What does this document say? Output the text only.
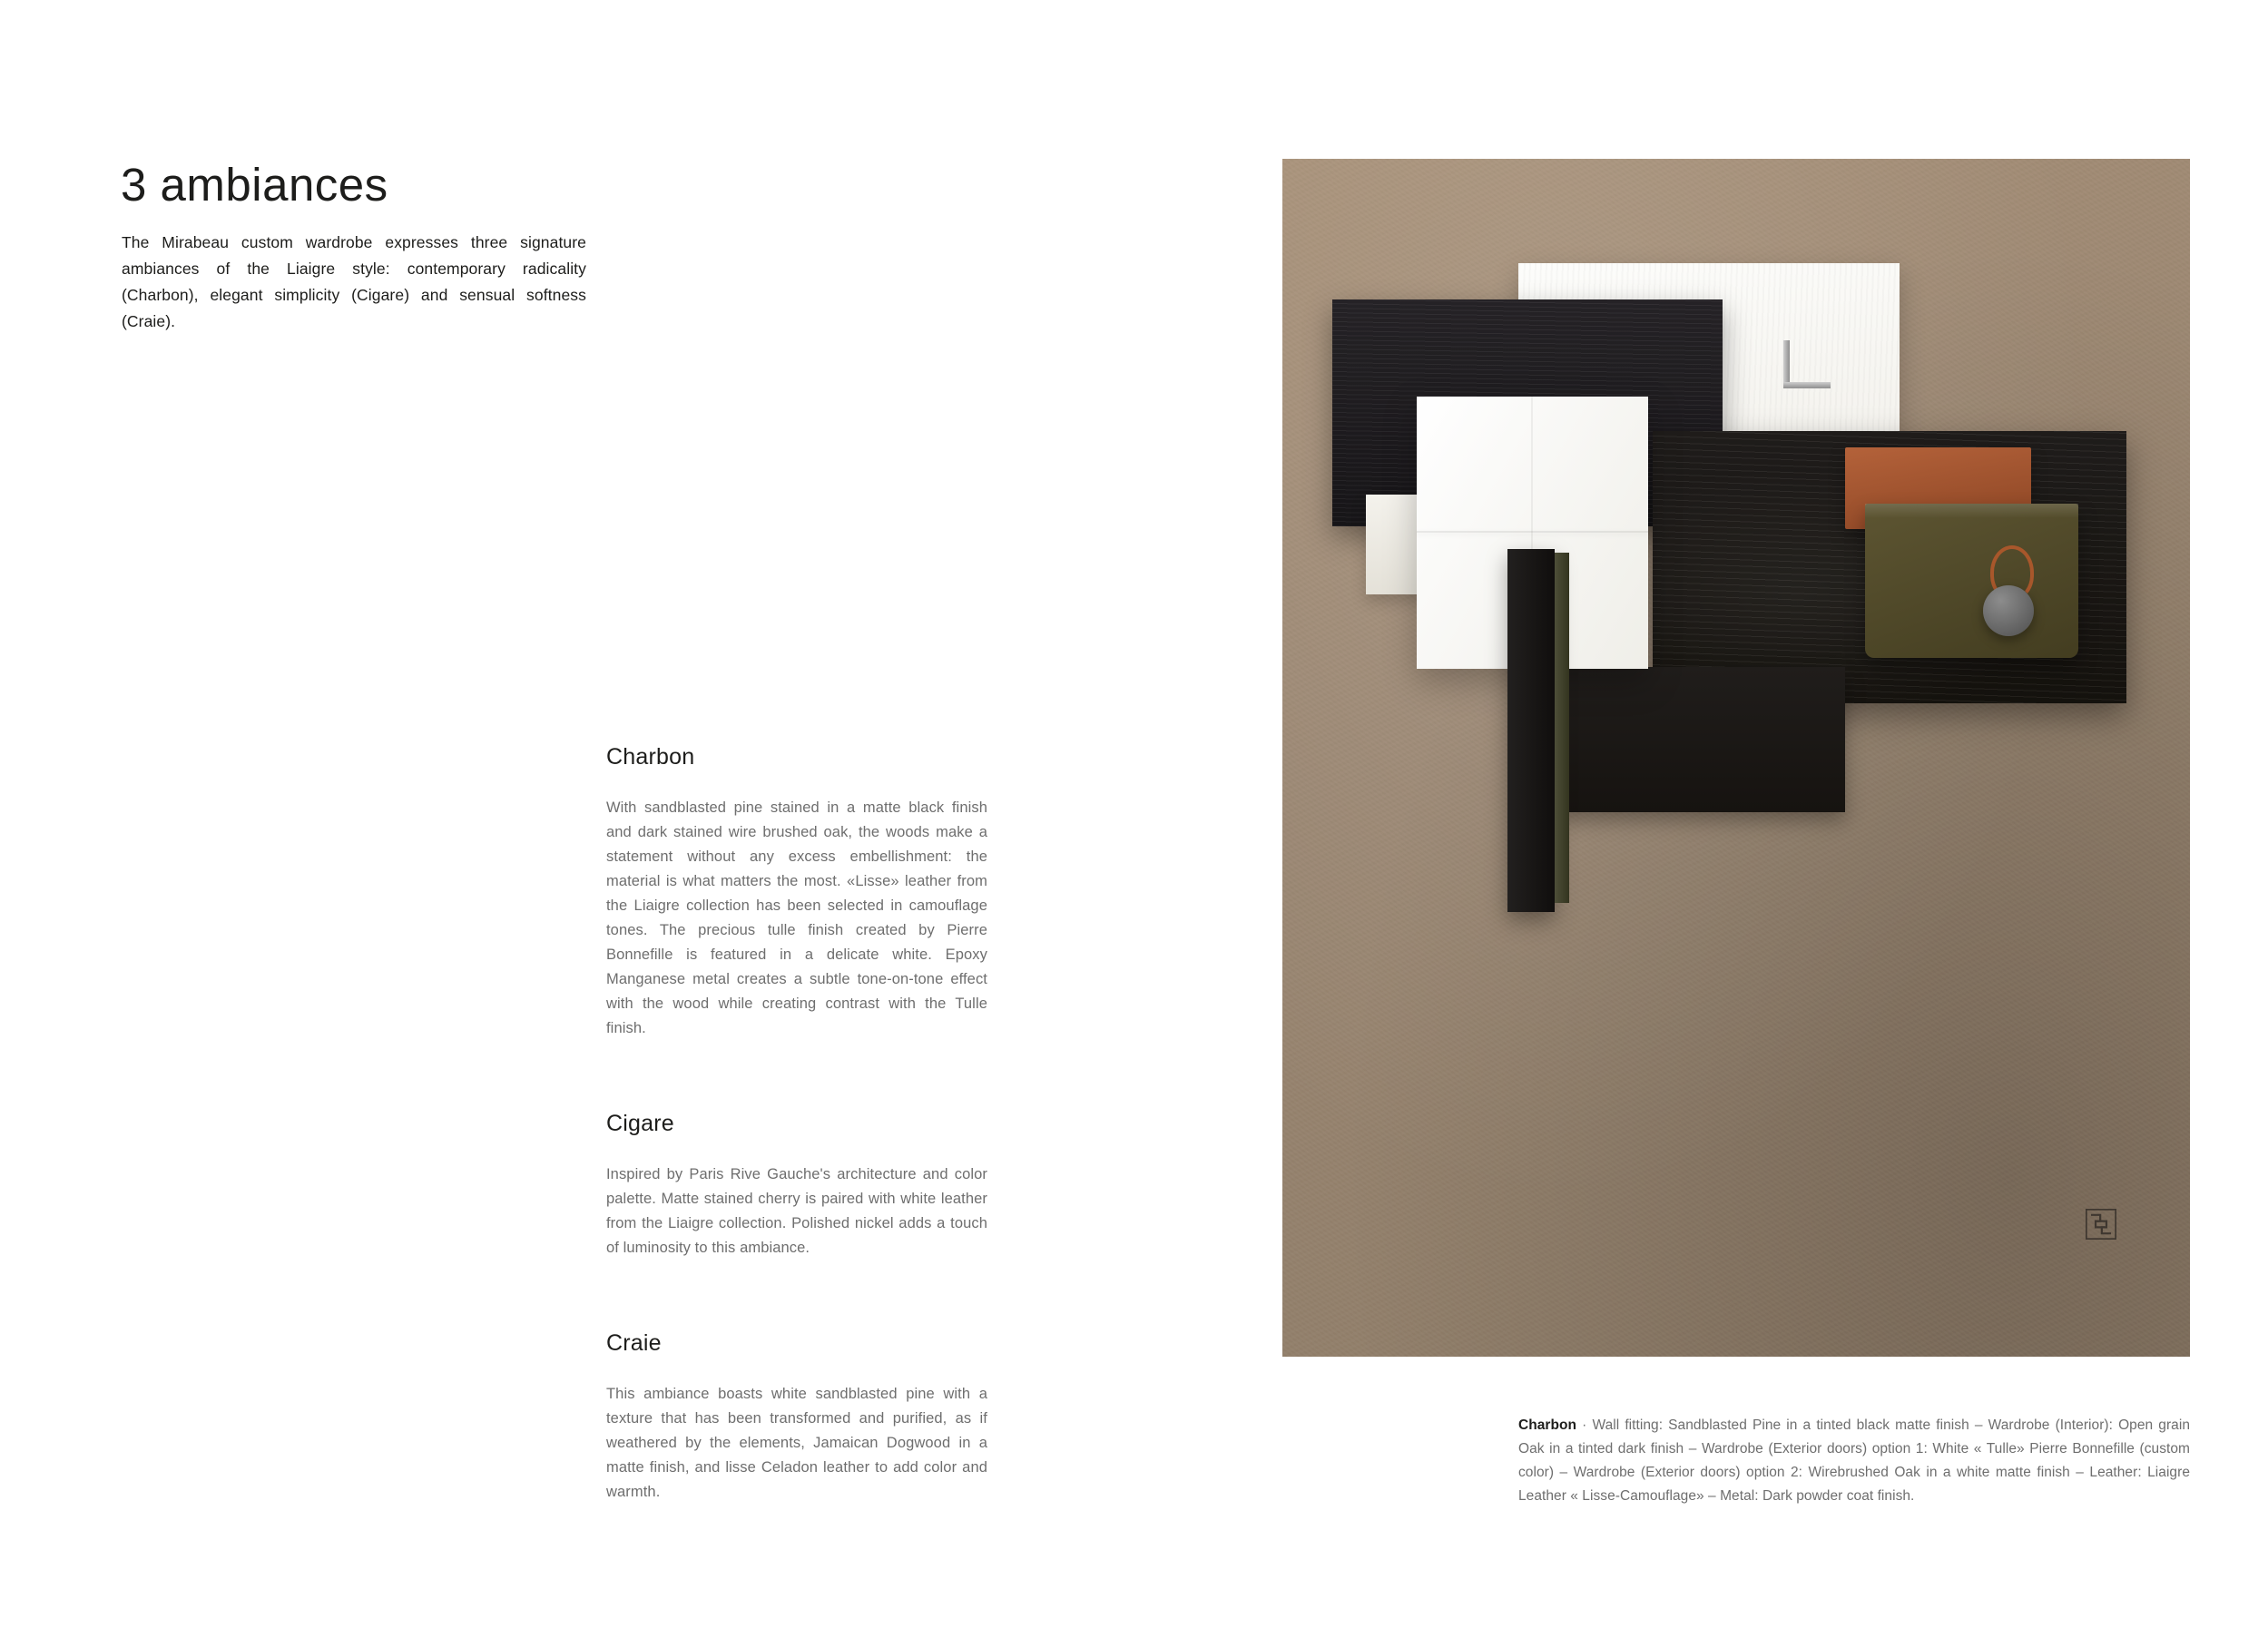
3 ambiances

The Mirabeau custom wardrobe expresses three signature ambiances of the Liaigre style: contemporary radicality (Charbon), elegant simplicity (Cigare) and sensual softness (Craie).

Charbon

With sandblasted pine stained in a matte black finish and dark stained wire brushed oak, the woods make a statement without any excess embellishment: the material is what matters the most. «Lisse» leather from the Liaigre collection has been selected in camouflage tones. The precious tulle finish created by Pierre Bonnefille is featured in a delicate white. Epoxy Manganese metal creates a subtle tone-on-tone effect with the wood while creating contrast with the Tulle finish.

Cigare

Inspired by Paris Rive Gauche's architecture and color palette. Matte stained cherry is paired with white leather from the Liaigre collection. Polished nickel adds a touch of luminosity to this ambiance.

Craie

This ambiance boasts white sandblasted pine with a texture that has been transformed and purified, as if weathered by the elements, Jamaican Dogwood in a matte finish, and lisse Celadon leather to add color and warmth.

Charbon · Wall fitting: Sandblasted Pine in a tinted black matte finish – Wardrobe (Interior): Open grain Oak in a tinted dark finish – Wardrobe (Exterior doors) option 1: White « Tulle» Pierre Bonnefille (custom color) – Wardrobe (Exterior doors) option 2: Wirebrushed Oak in a white matte finish – Leather: Liaigre Leather « Lisse-Camouflage» – Metal: Dark powder coat finish.
